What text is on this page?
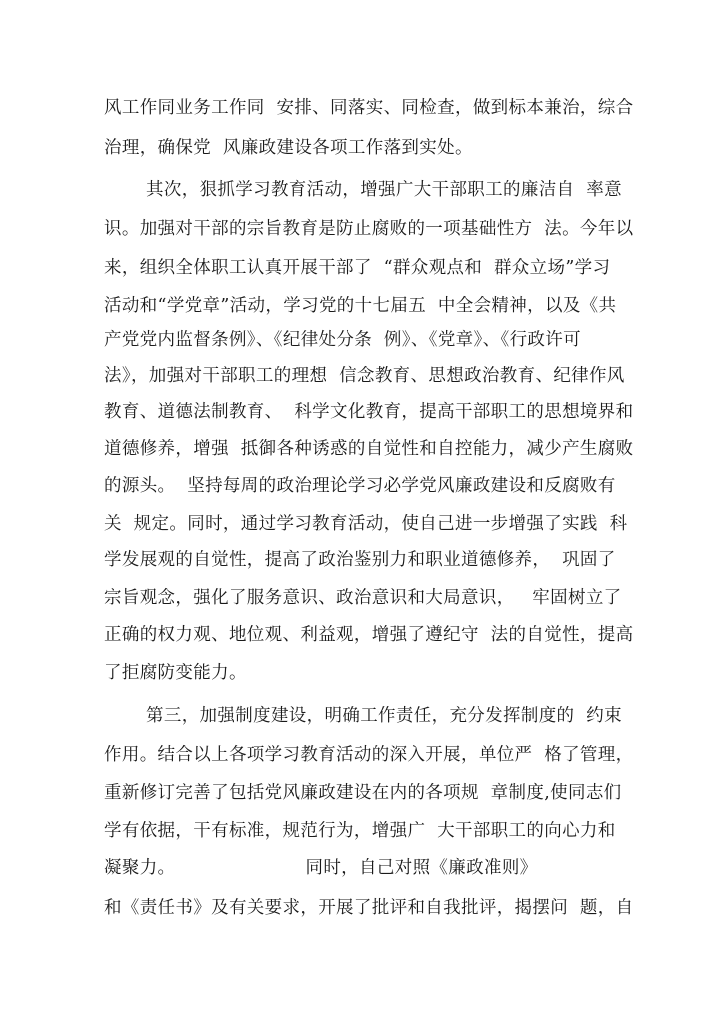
风工作同业务工作同  安排、同落实、同检查，做到标本兼治，综合
治理，确保党  风廉政建设各项工作落到实处。
其次，狠抓学习教育活动，增强广大干部职工的廉洁自  率意
识。加强对干部的宗旨教育是防止腐败的一项基础性方  法。今年以
来，组织全体职工认真开展干部了  “群众观点和  群众立场”学习
活动和“学党章”活动，学习党的十七届五  中全会精神，以及《共
产党党内监督条例》、《纪律处分条  例》、《党章》、《行政许可
法》，加强对干部职工的理想  信念教育、思想政治教育、纪律作风
教育、道德法制教育、  科学文化教育，提高干部职工的思想境界和
道德修养，增强  抵御各种诱惑的自觉性和自控能力，减少产生腐败
的源头。  坚持每周的政治理论学习必学党风廉政建设和反腐败有
关  规定。同时，通过学习教育活动，使自己进一步增强了实践  科
学发展观的自觉性，提高了政治鉴别力和职业道德修养，  巩固了
宗旨观念，强化了服务意识、政治意识和大局意识，   牢固树立了
正确的权力观、地位观、利益观，增强了遵纪守  法的自觉性，提高
了拒腐防变能力。
第三，加强制度建设，明确工作责任，充分发挥制度的  约束
作用。结合以上各项学习教育活动的深入开展，单位严  格了管理，
重新修订完善了包括党风廉政建设在内的各项规  章制度,使同志们
学有依据，干有标准，规范行为，增强广  大干部职工的向心力和
凝聚力。                      同时，自己对照《廉政准则》
和《责任书》及有关要求，开展了批评和自我批评，揭摆问  题，自
